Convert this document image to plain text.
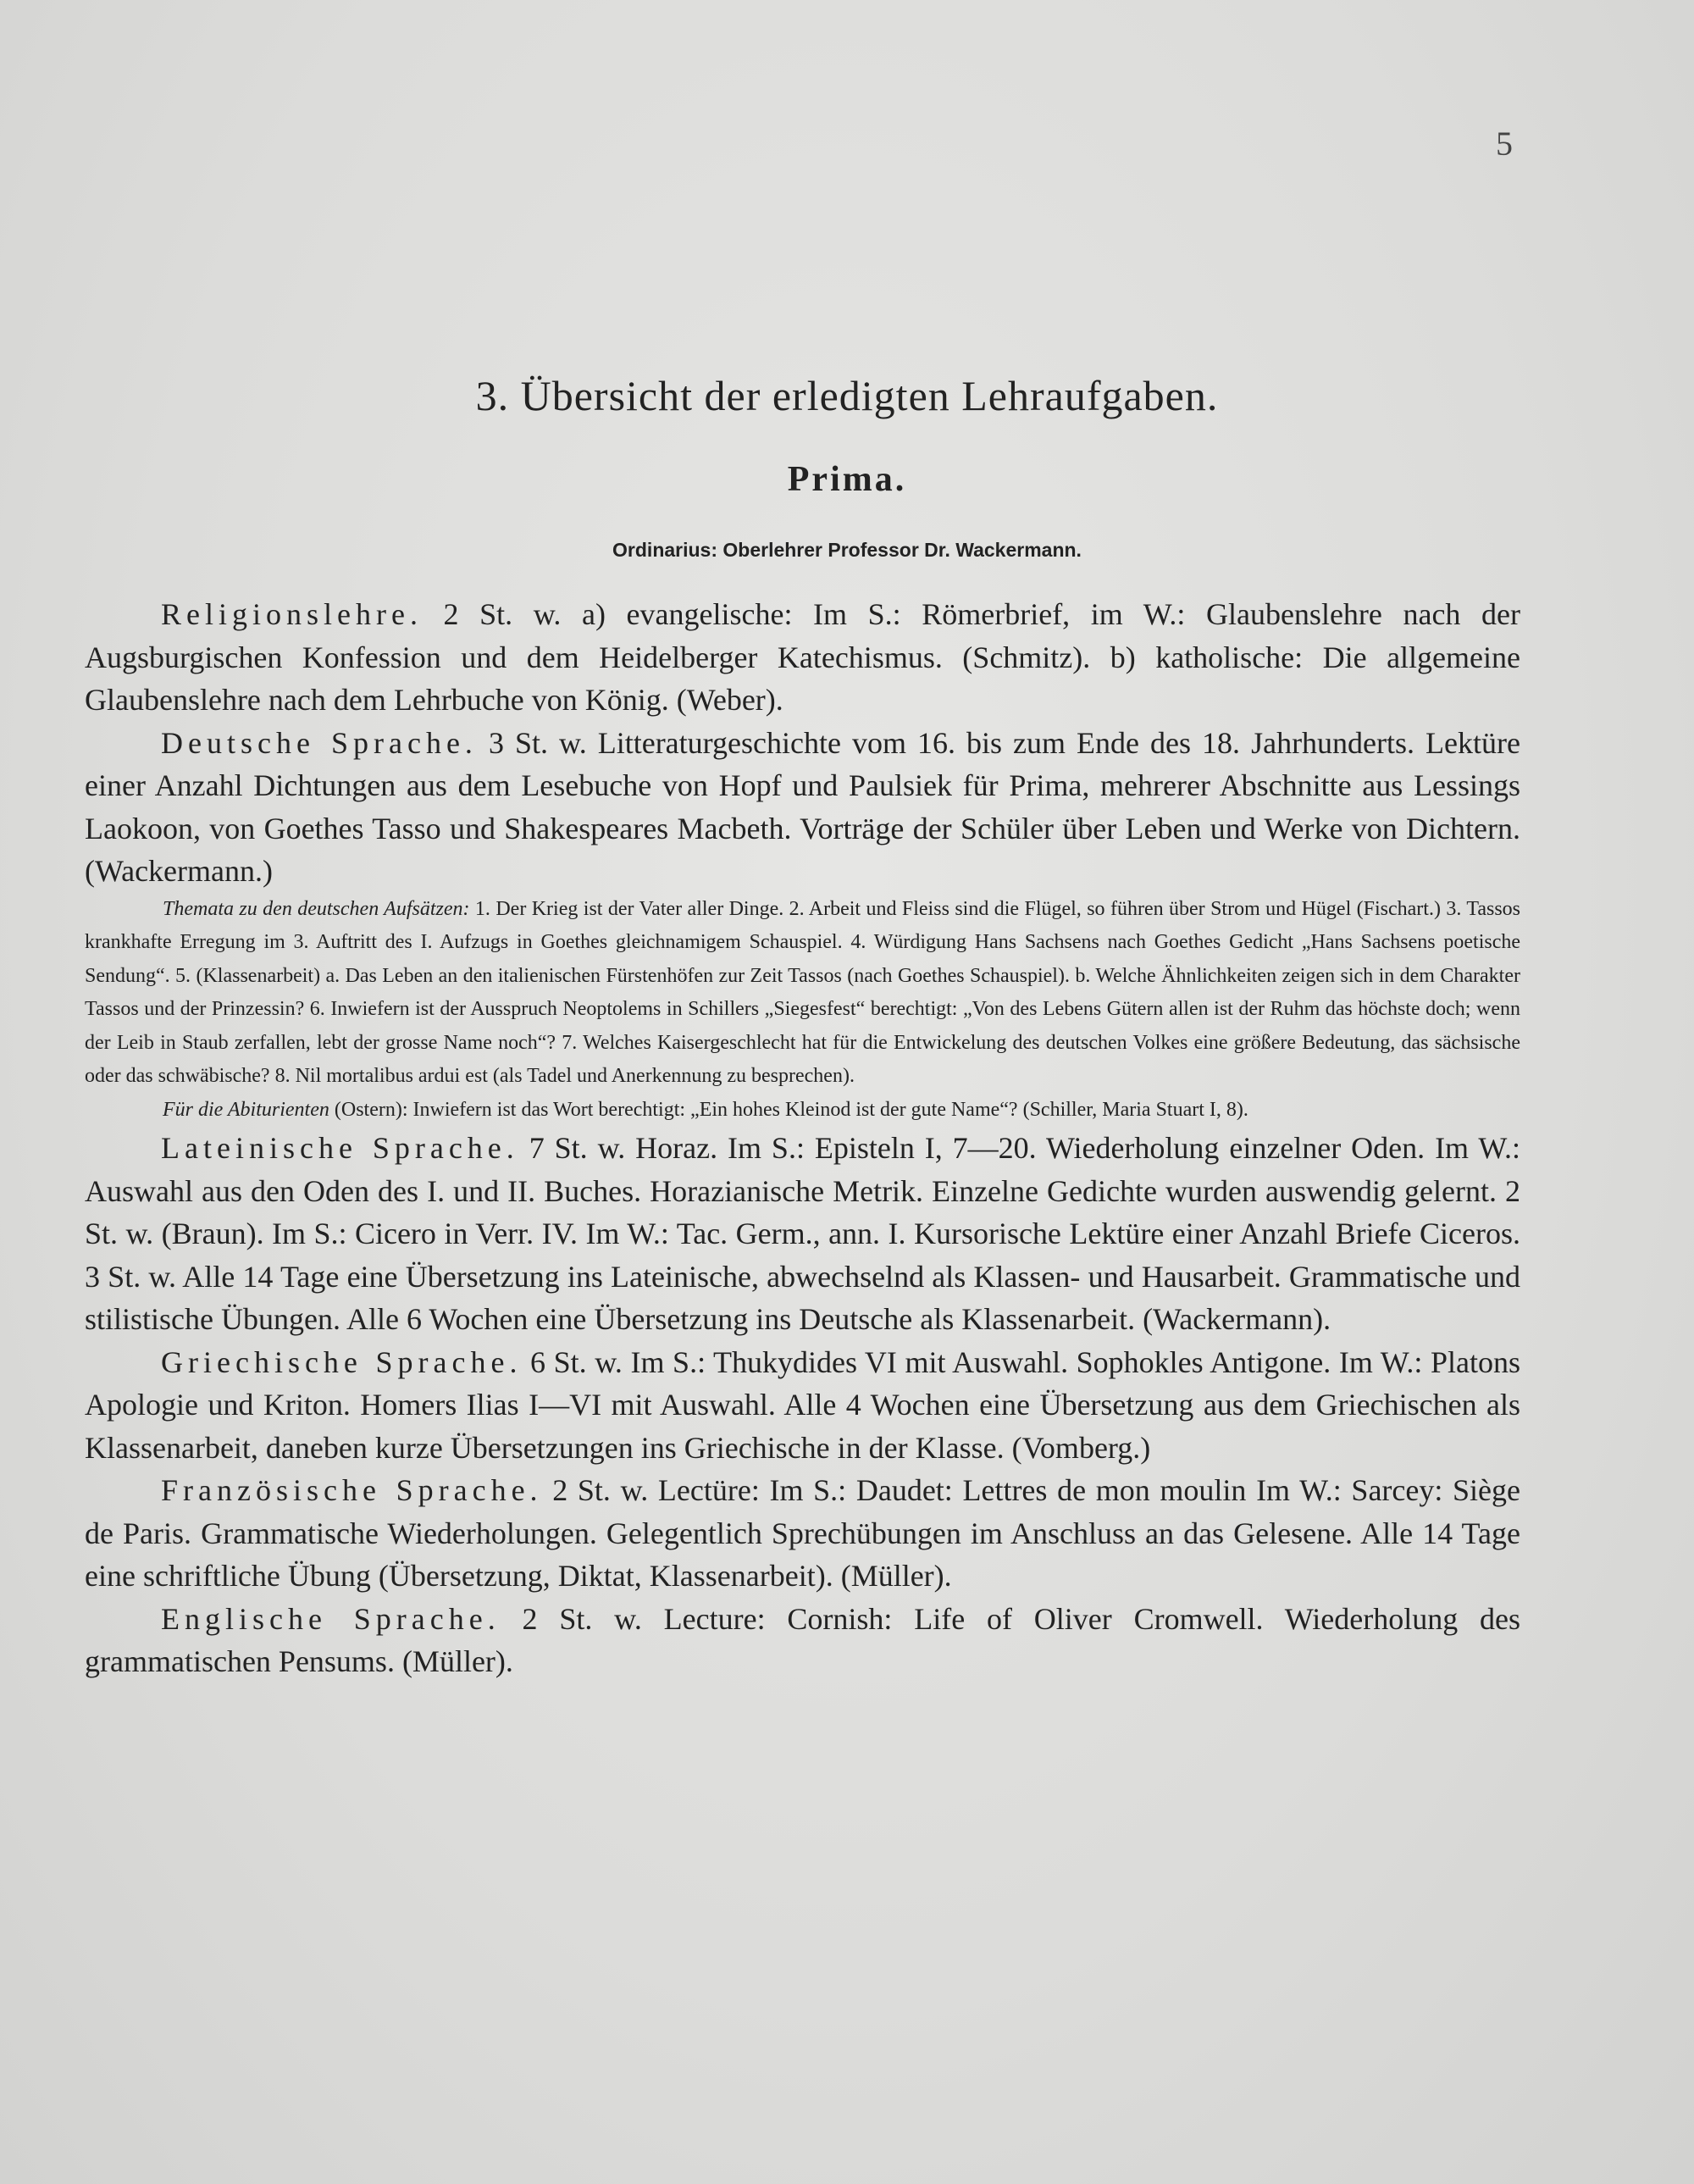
5
3. Übersicht der erledigten Lehraufgaben.
Prima.
Ordinarius: Oberlehrer Professor Dr. Wackermann.

Religionslehre. 2 St. w. a) evangelische: Im S.: Römerbrief, im W.: Glaubenslehre nach der Augsburgischen Konfession und dem Heidelberger Katechismus. (Schmitz). b) katholische: Die allgemeine Glaubenslehre nach dem Lehrbuche von König. (Weber).

Deutsche Sprache. 3 St. w. Litteraturgeschichte vom 16. bis zum Ende des 18. Jahrhunderts. Lektüre einer Anzahl Dichtungen aus dem Lesebuche von Hopf und Paulsiek für Prima, mehrerer Abschnitte aus Lessings Laokoon, von Goethes Tasso und Shakespeares Macbeth. Vorträge der Schüler über Leben und Werke von Dichtern. (Wackermann.)

Themata zu den deutschen Aufsätzen: 1. Der Krieg ist der Vater aller Dinge. 2. Arbeit und Fleiss sind die Flügel, so führen über Strom und Hügel (Fischart.) 3. Tassos krankhafte Erregung im 3. Auftritt des I. Aufzugs in Goethes gleichnamigem Schauspiel. 4. Würdigung Hans Sachsens nach Goethes Gedicht „Hans Sachsens poetische Sendung“. 5. (Klassenarbeit) a. Das Leben an den italienischen Fürstenhöfen zur Zeit Tassos (nach Goethes Schauspiel). b. Welche Ähnlichkeiten zeigen sich in dem Charakter Tassos und der Prinzessin? 6. Inwiefern ist der Ausspruch Neoptolems in Schillers „Siegesfest“ berechtigt: „Von des Lebens Gütern allen ist der Ruhm das höchste doch; wenn der Leib in Staub zerfallen, lebt der grosse Name noch“? 7. Welches Kaisergeschlecht hat für die Entwickelung des deutschen Volkes eine größere Bedeutung, das sächsische oder das schwäbische? 8. Nil mortalibus ardui est (als Tadel und Anerkennung zu besprechen).

Für die Abiturienten (Ostern): Inwiefern ist das Wort berechtigt: „Ein hohes Kleinod ist der gute Name“? (Schiller, Maria Stuart I, 8).

Lateinische Sprache. 7 St. w. Horaz. Im S.: Episteln I, 7—20. Wiederholung einzelner Oden. Im W.: Auswahl aus den Oden des I. und II. Buches. Horazianische Metrik. Einzelne Gedichte wurden auswendig gelernt. 2 St. w. (Braun). Im S.: Cicero in Verr. IV. Im W.: Tac. Germ., ann. I. Kursorische Lektüre einer Anzahl Briefe Ciceros. 3 St. w. Alle 14 Tage eine Übersetzung ins Lateinische, abwechselnd als Klassen- und Hausarbeit. Grammatische und stilistische Übungen. Alle 6 Wochen eine Übersetzung ins Deutsche als Klassenarbeit. (Wackermann).

Griechische Sprache. 6 St. w. Im S.: Thukydides VI mit Auswahl. Sophokles Antigone. Im W.: Platons Apologie und Kriton. Homers Ilias I—VI mit Auswahl. Alle 4 Wochen eine Übersetzung aus dem Griechischen als Klassenarbeit, daneben kurze Übersetzungen ins Griechische in der Klasse. (Vomberg.)

Französische Sprache. 2 St. w. Lectüre: Im S.: Daudet: Lettres de mon moulin Im W.: Sarcey: Siège de Paris. Grammatische Wiederholungen. Gelegentlich Sprechübungen im Anschluss an das Gelesene. Alle 14 Tage eine schriftliche Übung (Übersetzung, Diktat, Klassenarbeit). (Müller).

Englische Sprache. 2 St. w. Lecture: Cornish: Life of Oliver Cromwell. Wiederholung des grammatischen Pensums. (Müller).
